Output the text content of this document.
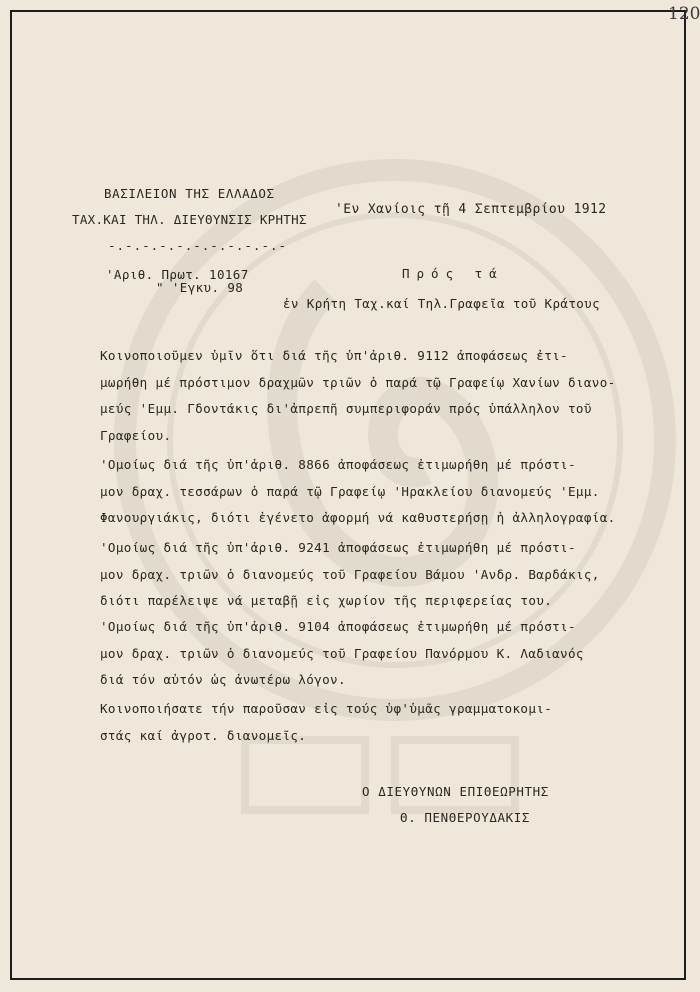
120
ΒΑΣΙΛΕΙΟΝ ΤΗΣ ΕΛΛΑΔΟΣ
ΤΑΧ.ΚΑΙ ΤΗΛ. ΔΙΕΥΘΥΝΣΙΣ ΚΡΗΤΗΣ
-.-.-.-.-.-.-.-.-.-.-
'Εν Χανίοις τῇ 4 Σεπτεμβρίου 1912
'Αριθ. Πρωτ. 10167
" 'Εγκυ. 98
Πρός τά
ἐν Κρήτη Ταχ.καί Τηλ.Γραφεῖα τοῦ Κράτους
Κοινοποιοῦμεν ὑμῖν ὅτι διά τῆς ὑπ'ἀριθ. 9112 ἀποφάσεως ἐτι-
μωρήθη μέ πρόστιμον δραχμῶν τριῶν ὁ παρά τῷ Γραφείῳ Χανίων διανο-
μεύς 'Εμμ. Γδοντάκις δι'ἀπρεπῆ συμπεριφοράν πρός ὑπάλληλον τοῦ
Γραφείου.
'Ομοίως διά τῆς ὑπ'ἀριθ. 8866 ἀποφάσεως ἐτιμωρήθη μέ πρόστι-
μον δραχ. τεσσάρων ὁ παρά τῷ Γραφείῳ 'Ηρακλείου διανομεύς 'Εμμ.
Φανουργιάκις, διότι ἐγένετο ἀφορμή νά καθυστερήσῃ ἡ ἀλληλογραφία.
'Ομοίως διά τῆς ὑπ'ἀριθ. 9241 ἀποφάσεως ἐτιμωρήθη μέ πρόστι-
μον δραχ. τριῶν ὁ διανομεύς τοῦ Γραφείου Βάμου 'Ανδρ. Βαρδάκις,
διότι παρέλειψε νά μεταβῇ εἰς χωρίον τῆς περιφερείας του.
'Ομοίως διά τῆς ὑπ'ἀριθ. 9104 ἀποφάσεως ἐτιμωρήθη μέ πρόστι-
μον δραχ. τριῶν ὁ διανομεύς τοῦ Γραφείου Πανόρμου Κ. Λαδιανός
διά τόν αὐτόν ὡς ἀνωτέρω λόγον.
Κοινοποιήσατε τήν παροῦσαν εἰς τούς ὑφ'ὑμᾶς γραμματοκομι-
στάς καί ἀγροτ. διανομεῖς.
Ο ΔΙΕΥΘΥΝΩΝ ΕΠΙΘΕΩΡΗΤΗΣ
Θ. ΠΕΝΘΕΡΟΥΔΑΚΙΣ
